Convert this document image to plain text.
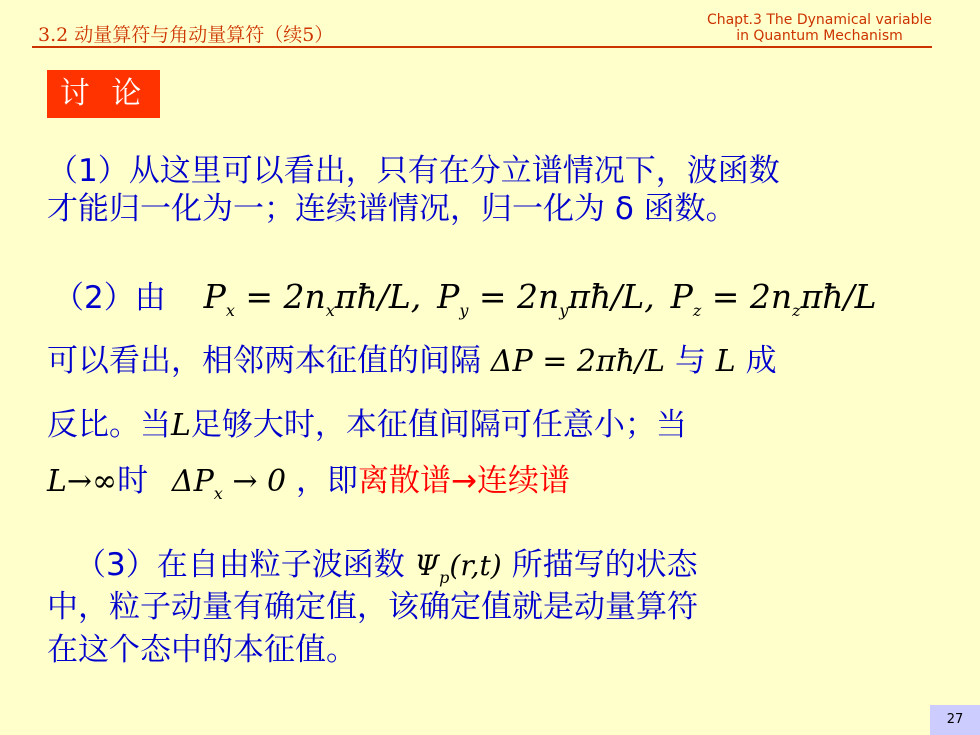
3.2 动量算符与角动量算符（续5）
Chapt.3 The Dynamical variable
in Quantum Mechanism
讨 论
（1）从这里可以看出，只有在分立谱情况下，波函数
才能归一化为一；连续谱情况，归一化为 δ 函数。
（2）由 $P_x$ = $2n_x\pi ħ/L$, $P_y$ = $2n_y\pi ħ/L$, $P_z$ = $2n_z\pi ħ/L$
可以看出，相邻两本征值的间隔 ΔP = 2πħ/L 与 L 成
反比。当L足够大时，本征值间隔可任意小；当
L→∞时 $\Delta P_x \to 0$ ，即离散谱→连续谱
（3）在自由粒子波函数 $\Psi_p(r,t)$ 所描写的状态
中，粒子动量有确定值，该确定值就是动量算符
在这个态中的本征值。
27
